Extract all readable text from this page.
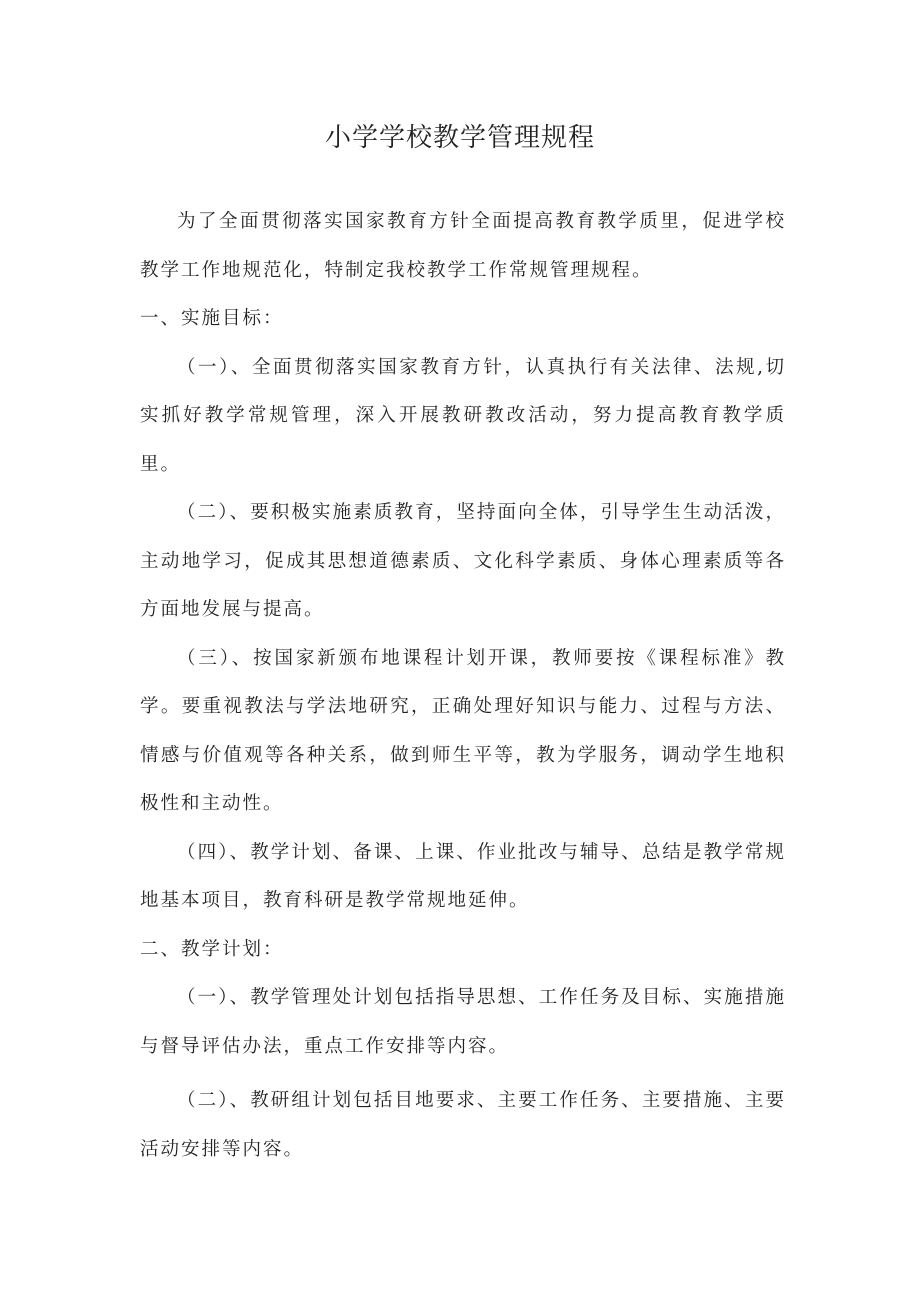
小学学校教学管理规程

为了全面贯彻落实国家教育方针全面提高教育教学质里，促进学校教学工作地规范化，特制定我校教学工作常规管理规程。

一、实施目标：

（一）、全面贯彻落实国家教育方针，认真执行有关法律、法规,切实抓好教学常规管理，深入开展教研教改活动，努力提高教育教学质里。

（二）、要积极实施素质教育，坚持面向全体，引导学生生动活泼，主动地学习，促成其思想道德素质、文化科学素质、身体心理素质等各方面地发展与提高。

（三）、按国家新颁布地课程计划开课，教师要按《课程标准》教学。要重视教法与学法地研究，正确处理好知识与能力、过程与方法、情感与价值观等各种关系，做到师生平等，教为学服务，调动学生地积极性和主动性。

（四）、教学计划、备课、上课、作业批改与辅导、总结是教学常规地基本项目，教育科研是教学常规地延伸。

二、教学计划：

（一）、教学管理处计划包括指导思想、工作任务及目标、实施措施与督导评估办法，重点工作安排等内容。

（二）、教研组计划包括目地要求、主要工作任务、主要措施、主要活动安排等内容。
